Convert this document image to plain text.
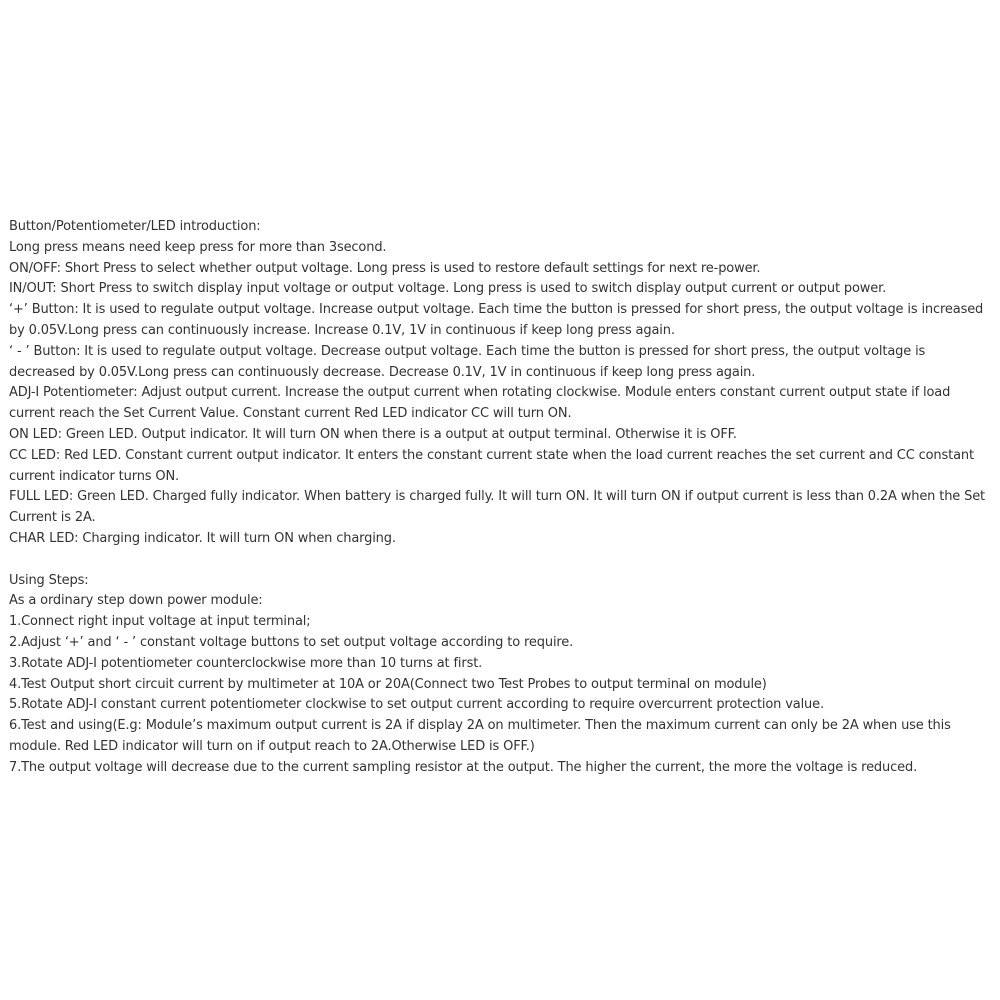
Button/Potentiometer/LED introduction:

Long press means need keep press for more than 3second.

ON/OFF: Short Press to select whether output voltage. Long press is used to restore default settings for next re-power.

IN/OUT: Short Press to switch display input voltage or output voltage. Long press is used to switch display output current or output power.

‘+’ Button: It is used to regulate output voltage. Increase output voltage. Each time the button is pressed for short press, the output voltage is increased by 0.05V.Long press can continuously increase. Increase 0.1V, 1V in continuous if keep long press again.

‘ - ’ Button: It is used to regulate output voltage. Decrease output voltage. Each time the button is pressed for short press, the output voltage is decreased by 0.05V.Long press can continuously decrease. Decrease 0.1V, 1V in continuous if keep long press again.

ADJ-I Potentiometer: Adjust output current. Increase the output current when rotating clockwise. Module enters constant current output state if load current reach the Set Current Value. Constant current Red LED indicator CC will turn ON.

ON LED: Green LED. Output indicator. It will turn ON when there is a output at output terminal. Otherwise it is OFF.

CC LED: Red LED. Constant current output indicator. It enters the constant current state when the load current reaches the set current and CC constant current indicator turns ON.

FULL LED: Green LED. Charged fully indicator. When battery is charged fully. It will turn ON. It will turn ON if output current is less than 0.2A when the Set Current is 2A.

CHAR LED: Charging indicator. It will turn ON when charging.

Using Steps:

As a ordinary step down power module:

1.Connect right input voltage at input terminal;

2.Adjust ‘+’ and ‘ - ’ constant voltage buttons to set output voltage according to require.

3.Rotate ADJ-I potentiometer counterclockwise more than 10 turns at first.

4.Test Output short circuit current by multimeter at 10A or 20A(Connect two Test Probes to output terminal on module)

5.Rotate ADJ-I constant current potentiometer clockwise to set output current according to require overcurrent protection value.

6.Test and using(E.g: Module’s maximum output current is 2A if display 2A on multimeter. Then the maximum current can only be 2A when use this module. Red LED indicator will turn on if output reach to 2A.Otherwise LED is OFF.)

7.The output voltage will decrease due to the current sampling resistor at the output. The higher the current, the more the voltage is reduced.
